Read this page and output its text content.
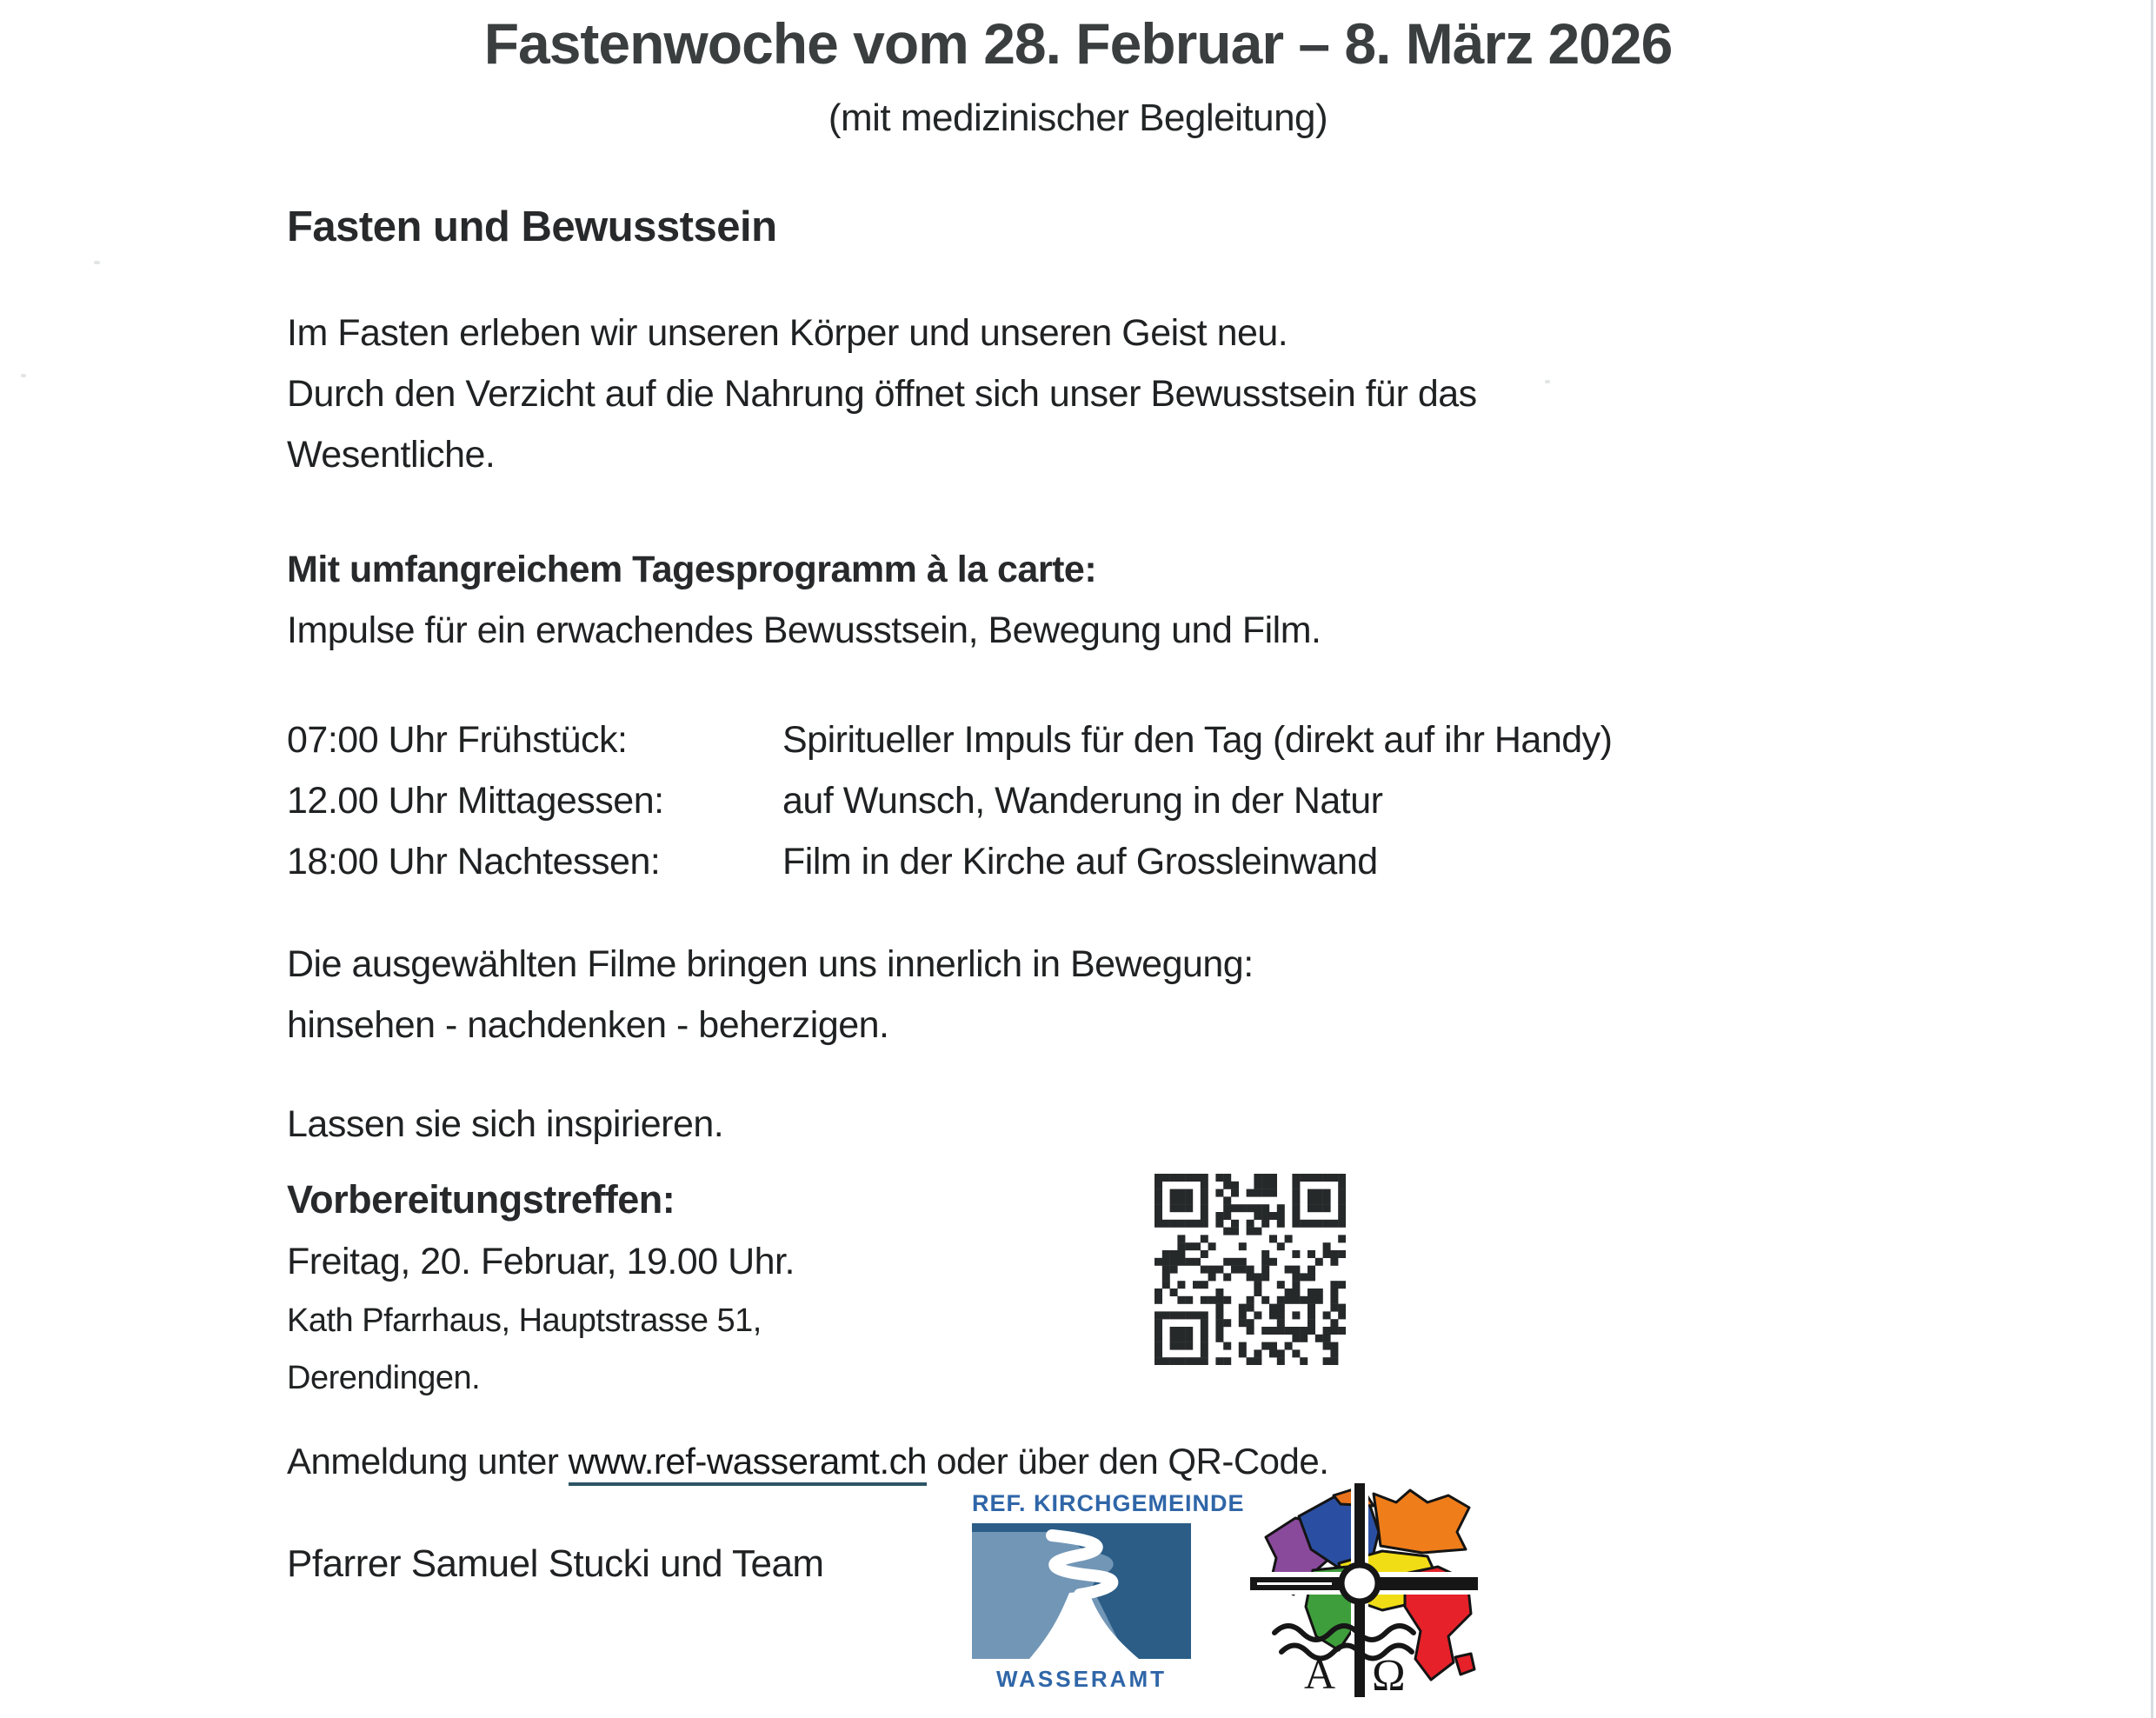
Fastenwoche vom 28. Februar – 8. März 2026
(mit medizinischer Begleitung)
Fasten und Bewusstsein
Im Fasten erleben wir unseren Körper und unseren Geist neu.
Durch den Verzicht auf die Nahrung öffnet sich unser Bewusstsein für das
Wesentliche.
Mit umfangreichem Tagesprogramm à la carte:
Impulse für ein erwachendes Bewusstsein, Bewegung und Film.
07:00 Uhr Frühstück:	Spiritueller Impuls für den Tag (direkt auf ihr Handy)
12.00 Uhr Mittagessen:	auf Wunsch, Wanderung in der Natur
18:00 Uhr Nachtessen:	Film in der Kirche auf Grossleinwand
Die ausgewählten Filme bringen uns innerlich in Bewegung:
hinsehen - nachdenken - beherzigen.
Lassen sie sich inspirieren.
Vorbereitungstreffen:
Freitag, 20. Februar, 19.00 Uhr.
Kath Pfarrhaus, Hauptstrasse 51,
Derendingen.
Anmeldung unter www.ref-wasseramt.ch oder über den QR-Code.
Pfarrer Samuel Stucki und Team
REF. KIRCHGEMEINDE
WASSERAMT	Α Ω
